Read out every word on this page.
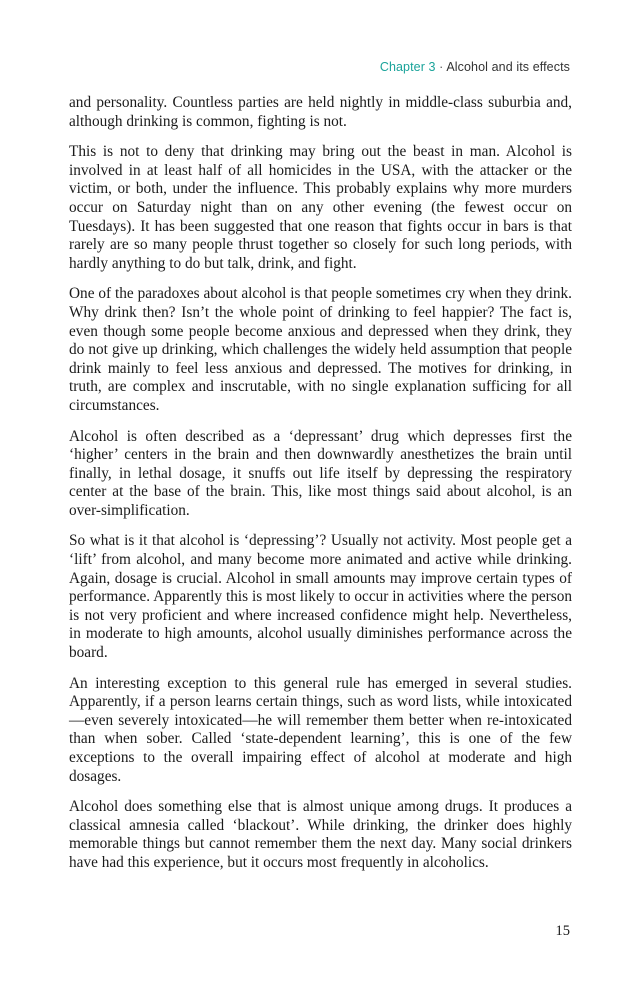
Chapter 3 · Alcohol and its effects

and personality. Countless parties are held nightly in middle-class suburbia and, although drinking is common, fighting is not.

This is not to deny that drinking may bring out the beast in man. Alcohol is involved in at least half of all homicides in the USA, with the attacker or the victim, or both, under the influence. This probably explains why more murders occur on Saturday night than on any other evening (the fewest occur on Tuesdays). It has been suggested that one reason that fights occur in bars is that rarely are so many people thrust together so closely for such long periods, with hardly anything to do but talk, drink, and fight.

One of the paradoxes about alcohol is that people sometimes cry when they drink. Why drink then? Isn’t the whole point of drinking to feel happier? The fact is, even though some people become anxious and depressed when they drink, they do not give up drinking, which challenges the widely held assumption that people drink mainly to feel less anxious and depressed. The motives for drinking, in truth, are complex and inscrutable, with no single explanation sufficing for all circumstances.

Alcohol is often described as a ‘depressant’ drug which depresses first the ‘higher’ centers in the brain and then downwardly anesthetizes the brain until finally, in lethal dosage, it snuffs out life itself by depressing the respiratory center at the base of the brain. This, like most things said about alcohol, is an over-simplification.

So what is it that alcohol is ‘depressing’? Usually not activity. Most people get a ‘lift’ from alcohol, and many become more animated and active while drinking. Again, dosage is crucial. Alcohol in small amounts may improve certain types of performance. Apparently this is most likely to occur in activities where the person is not very proficient and where increased confidence might help. Nevertheless, in moderate to high amounts, alcohol usually diminishes performance across the board.

An interesting exception to this general rule has emerged in several studies. Apparently, if a person learns certain things, such as word lists, while intoxicated—even severely intoxicated—he will remember them better when re-intoxicated than when sober. Called ‘state-dependent learning’, this is one of the few exceptions to the overall impairing effect of alcohol at moderate and high dosages.

Alcohol does something else that is almost unique among drugs. It produces a classical amnesia called ‘blackout’. While drinking, the drinker does highly memorable things but cannot remember them the next day. Many social drinkers have had this experience, but it occurs most frequently in alcoholics.

15
